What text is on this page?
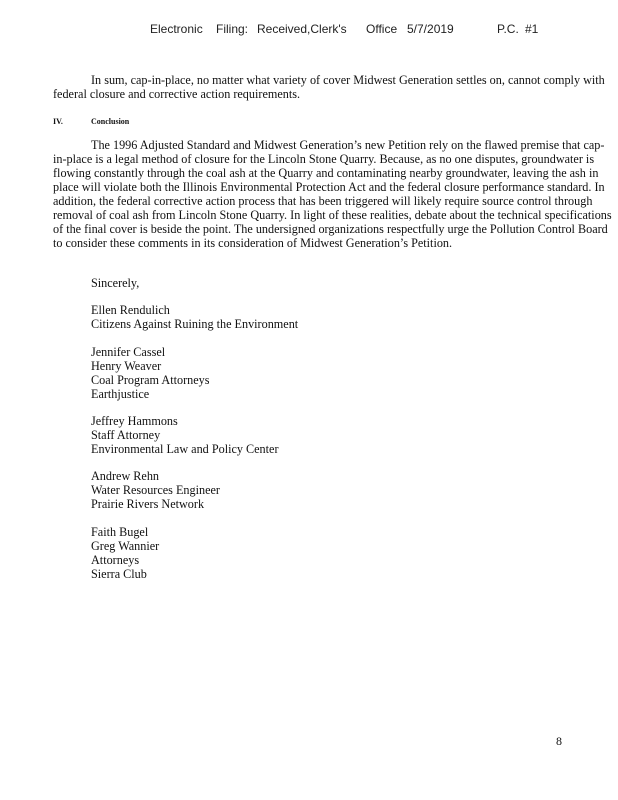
Electronic Filing: Received,Clerk's Office 5/7/2019	P.C. #1

In sum, cap-in-place, no matter what variety of cover Midwest Generation settles on, cannot comply with federal closure and corrective action requirements.

IV.	Conclusion

The 1996 Adjusted Standard and Midwest Generation’s new Petition rely on the flawed premise that cap-in-place is a legal method of closure for the Lincoln Stone Quarry. Because, as no one disputes, groundwater is flowing constantly through the coal ash at the Quarry and contaminating nearby groundwater, leaving the ash in place will violate both the Illinois Environmental Protection Act and the federal closure performance standard. In addition, the federal corrective action process that has been triggered will likely require source control through removal of coal ash from Lincoln Stone Quarry. In light of these realities, debate about the technical specifications of the final cover is beside the point. The undersigned organizations respectfully urge the Pollution Control Board to consider these comments in its consideration of Midwest Generation’s Petition.

Sincerely,
Ellen Rendulich
Citizens Against Ruining the Environment
Jennifer Cassel
Henry Weaver
Coal Program Attorneys
Earthjustice
Jeffrey Hammons
Staff Attorney
Environmental Law and Policy Center
Andrew Rehn
Water Resources Engineer
Prairie Rivers Network
Faith Bugel
Greg Wannier
Attorneys
Sierra Club
8
